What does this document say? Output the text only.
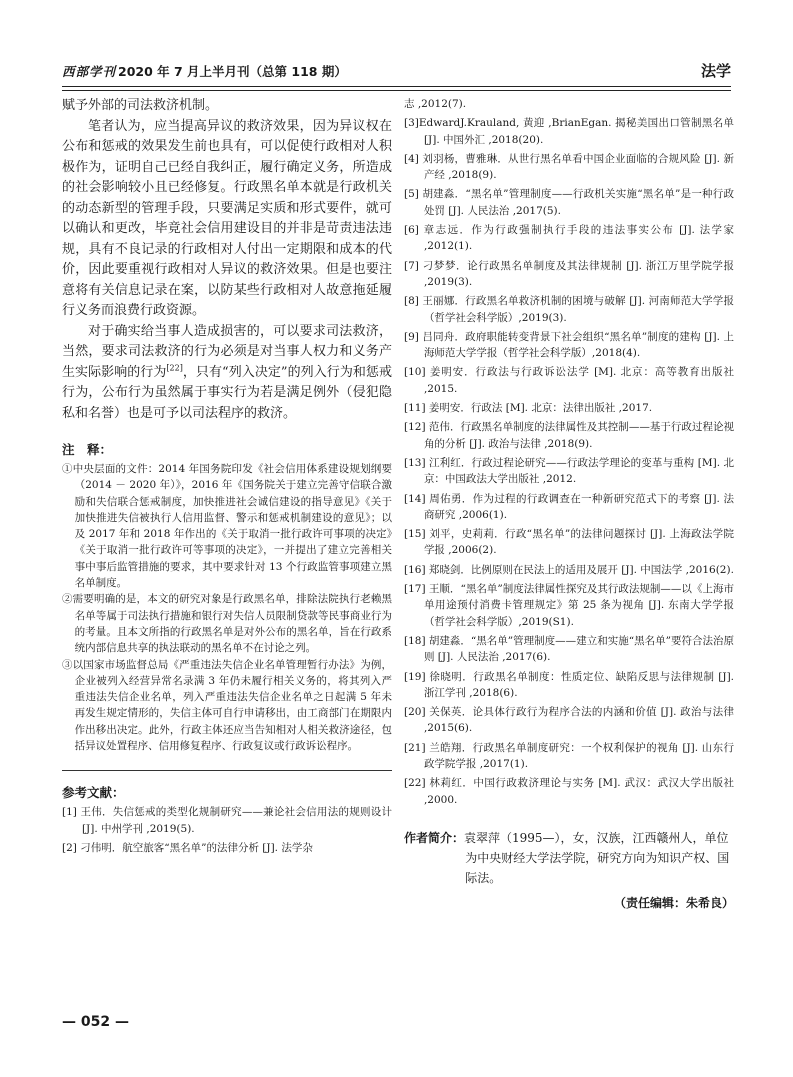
西部学刊 2020 年 7 月上半月刊（总第 118 期）	法学

赋予外部的司法救济机制。

笔者认为，应当提高异议的救济效果，因为异议权在公布和惩戒的效果发生前也具有，可以促使行政相对人积极作为，证明自己已经自我纠正，履行确定义务，所造成的社会影响较小且已经修复。行政黑名单本就是行政机关的动态新型的管理手段，只要满足实质和形式要件，就可以确认和更改，毕竟社会信用建设目的并非是苛责违法违规，具有不良记录的行政相对人付出一定期限和成本的代价，因此要重视行政相对人异议的救济效果。但是也要注意将有关信息记录在案，以防某些行政相对人故意拖延履行义务而浪费行政资源。

对于确实给当事人造成损害的，可以要求司法救济，当然，要求司法救济的行为必须是对当事人权力和义务产生实际影响的行为[22]，只有“列入决定”的列入行为和惩戒行为，公布行为虽然属于事实行为若是满足例外（侵犯隐私和名誉）也是可予以司法程序的救济。

注　释：

①中央层面的文件：2014 年国务院印发《社会信用体系建设规划纲要（2014 － 2020 年）》，2016 年《国务院关于建立完善守信联合激励和失信联合惩戒制度，加快推进社会诚信建设的指导意见》《关于加快推进失信被执行人信用监督、警示和惩戒机制建设的意见》；以及 2017 年和 2018 年作出的《关于取消一批行政许可事项的决定》《关于取消一批行政许可等事项的决定》，一并提出了建立完善相关事中事后监管措施的要求，其中要求针对 13 个行政监管事项建立黑名单制度。

②需要明确的是，本文的研究对象是行政黑名单，排除法院执行老赖黑名单等属于司法执行措施和银行对失信人员限制贷款等民事商业行为的考量。且本文所指的行政黑名单是对外公布的黑名单，旨在行政系统内部信息共享的执法联动的黑名单不在讨论之列。

③以国家市场监督总局《严重违法失信企业名单管理暂行办法》为例，企业被列入经营异常名录满 3 年仍未履行相关义务的，将其列入严重违法失信企业名单，列入严重违法失信企业名单之日起满 5 年未再发生规定情形的，失信主体可自行申请移出，由工商部门在期限内作出移出决定。此外，行政主体还应当告知相对人相关救济途径，包括异议处置程序、信用修复程序、行政复议或行政诉讼程序。

参考文献：

[1] 王伟．失信惩戒的类型化规制研究——兼论社会信用法的规则设计 [J]. 中州学刊 ,2019(5).

[2] 刁伟明．航空旅客“黑名单”的法律分析 [J]. 法学杂

志 ,2012(7).

[3]EdwardJ.Krauland, 黄迎 ,BrianEgan. 揭秘美国出口管制黑名单 [J]. 中国外汇 ,2018(20).

[4] 刘羽杨，曹雅琳．从世行黑名单看中国企业面临的合规风险 [J]. 新产经 ,2018(9).

[5] 胡建淼．“黑名单”管理制度——行政机关实施“黑名单”是一种行政处罚 [J]. 人民法治 ,2017(5).

[6] 章志远．作为行政强制执行手段的违法事实公布 [J]. 法学家 ,2012(1).

[7] 刁梦梦．论行政黑名单制度及其法律规制 [J]. 浙江万里学院学报 ,2019(3).

[8] 王丽娜．行政黑名单救济机制的困境与破解 [J]. 河南师范大学学报（哲学社会科学版）,2019(3).

[9] 吕同舟．政府职能转变背景下社会组织“黑名单”制度的建构 [J]. 上海师范大学学报（哲学社会科学版）,2018(4).

[10] 姜明安．行政法与行政诉讼法学 [M]. 北京：高等教育出版社 ,2015.

[11] 姜明安．行政法 [M]. 北京：法律出版社 ,2017.

[12] 范伟．行政黑名单制度的法律属性及其控制——基于行政过程论视角的分析 [J]. 政治与法律 ,2018(9).

[13] 江利红．行政过程论研究——行政法学理论的变革与重构 [M]. 北京：中国政法大学出版社 ,2012.

[14] 周佑勇．作为过程的行政调查在一种新研究范式下的考察 [J]. 法商研究 ,2006(1).

[15] 刘平，史莉莉．行政“黑名单”的法律问题探讨 [J]. 上海政法学院学报 ,2006(2).

[16] 郑晓剑．比例原则在民法上的适用及展开 [J]. 中国法学 ,2016(2).

[17] 王顺．“黑名单”制度法律属性探究及其行政法规制——以《上海市单用途预付消费卡管理规定》第 25 条为视角 [J]. 东南大学学报（哲学社会科学版）,2019(S1).

[18] 胡建淼．“黑名单”管理制度——建立和实施“黑名单”要符合法治原则 [J]. 人民法治 ,2017(6).

[19] 徐晓明．行政黑名单制度：性质定位、缺陷反思与法律规制 [J]. 浙江学刊 ,2018(6).

[20] 关保英．论具体行政行为程序合法的内涵和价值 [J]. 政治与法律 ,2015(6).

[21] 兰皓翔．行政黑名单制度研究：一个权利保护的视角 [J]. 山东行政学院学报 ,2017(1).

[22] 林莉红．中国行政救济理论与实务 [M]. 武汉：武汉大学出版社 ,2000.

作者简介：袁翠萍（1995—），女，汉族，江西赣州人，单位为中央财经大学法学院，研究方向为知识产权、国际法。

（责任编辑：朱希良）
— 052 —
